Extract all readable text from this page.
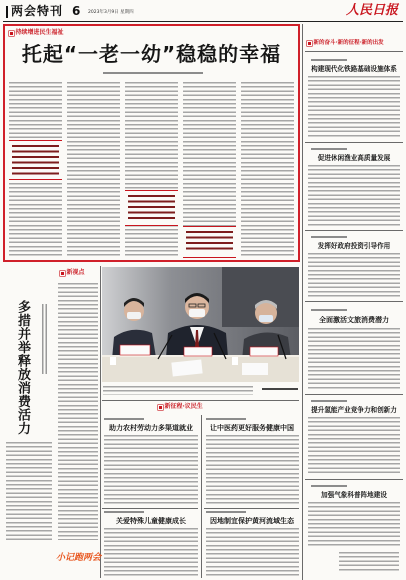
两会特刊 6 2023年3月9日 星期四	人民日报
持续增进民生福祉
托起“一老一幼”稳稳的幸福	新的奋斗·新的征程·新的出发
构建现代化铁路基础设施体系
促进休闲渔业高质量发展
发挥好政府投资引导作用
全面激活文旅消费潜力
提升氢能产业竞争力和创新力
加强气象科普阵地建设
新视点
多措并举释放消费活力
小记跑两会
新征程·议民生
助力农村劳动力多渠道就业	让中医药更好服务健康中国
关爱特殊儿童健康成长	因地制宜保护黄河流域生态
